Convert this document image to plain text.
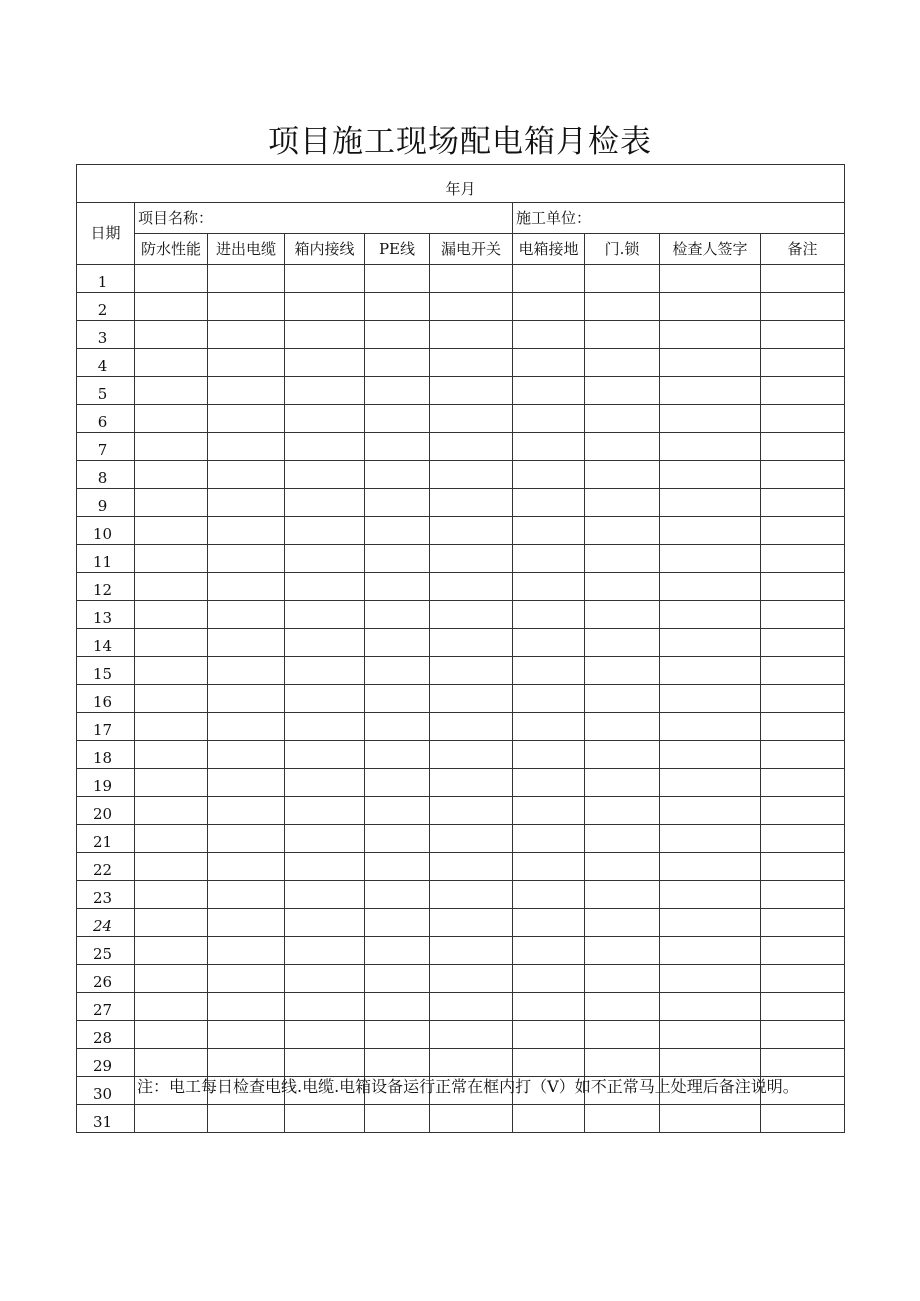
项目施工现场配电箱月检表
年月									
日期	项目名称：					施工单位：			
	防水性能	进出电缆	箱内接线	PE线	漏电开关	电箱接地	门.锁	检查人签字	备注
1									
2									
3									
4									
5									
6									
7									
8									
9									
10									
11									
12									
13									
14									
15									
16									
17									
18									
19									
20									
21									
22									
23									
24									
25									
26									
27									
28									
29									
30									
31									
注：电工每日检查电线.电缆.电箱设备运行正常在框内打（V）如不正常马上处理后备注说明。
